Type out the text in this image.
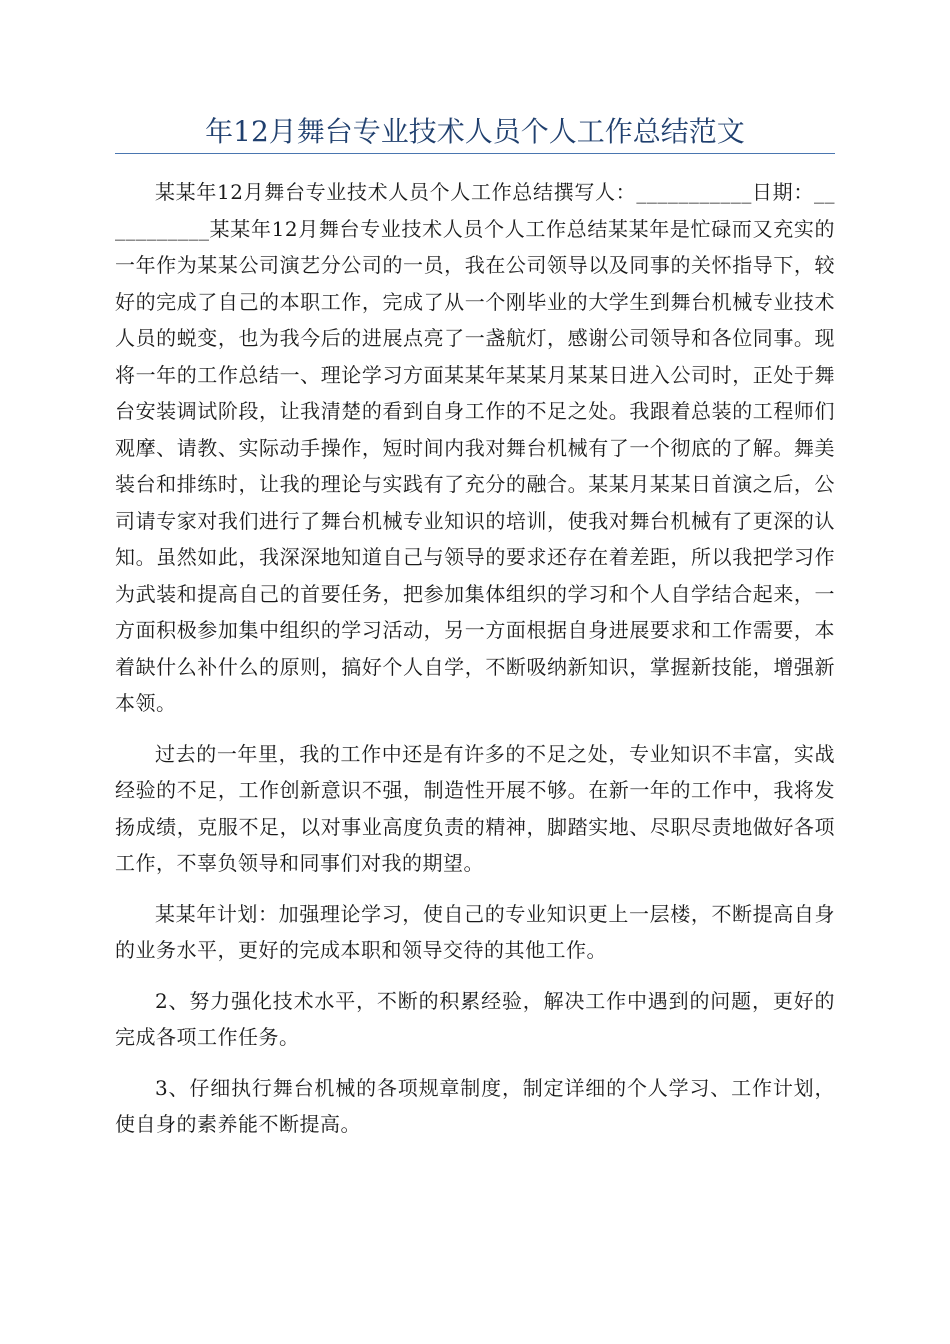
年12月舞台专业技术人员个人工作总结范文

某某年12月舞台专业技术人员个人工作总结撰写人：___________日期：___________某某年12月舞台专业技术人员个人工作总结某某年是忙碌而又充实的一年作为某某公司演艺分公司的一员，我在公司领导以及同事的关怀指导下，较好的完成了自己的本职工作，完成了从一个刚毕业的大学生到舞台机械专业技术人员的蜕变，也为我今后的进展点亮了一盏航灯，感谢公司领导和各位同事。现将一年的工作总结一、理论学习方面某某年某某月某某日进入公司时，正处于舞台安装调试阶段，让我清楚的看到自身工作的不足之处。我跟着总装的工程师们观摩、请教、实际动手操作，短时间内我对舞台机械有了一个彻底的了解。舞美装台和排练时，让我的理论与实践有了充分的融合。某某月某某日首演之后，公司请专家对我们进行了舞台机械专业知识的培训，使我对舞台机械有了更深的认知。虽然如此，我深深地知道自己与领导的要求还存在着差距，所以我把学习作为武装和提高自己的首要任务，把参加集体组织的学习和个人自学结合起来，一方面积极参加集中组织的学习活动，另一方面根据自身进展要求和工作需要，本着缺什么补什么的原则，搞好个人自学，不断吸纳新知识，掌握新技能，增强新本领。

过去的一年里，我的工作中还是有许多的不足之处，专业知识不丰富，实战经验的不足，工作创新意识不强，制造性开展不够。在新一年的工作中，我将发扬成绩，克服不足，以对事业高度负责的精神，脚踏实地、尽职尽责地做好各项工作，不辜负领导和同事们对我的期望。

某某年计划：加强理论学习，使自己的专业知识更上一层楼，不断提高自身的业务水平，更好的完成本职和领导交待的其他工作。

2、努力强化技术水平，不断的积累经验，解决工作中遇到的问题，更好的完成各项工作任务。

3、仔细执行舞台机械的各项规章制度，制定详细的个人学习、工作计划，使自身的素养能不断提高。
